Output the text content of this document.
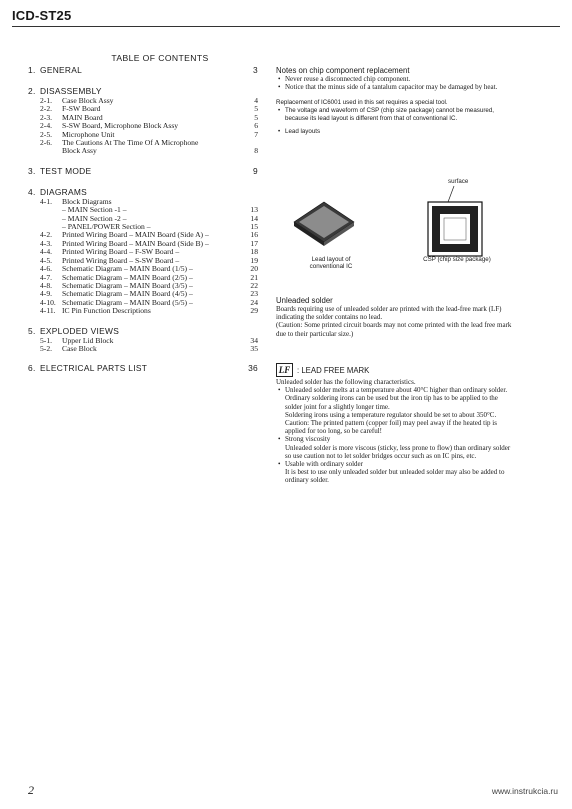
ICD-ST25
TABLE OF CONTENTS
1. GENERAL	3
2. DISASSEMBLY
2-1.	Case Block Assy	4
2-2.	F-SW Board	5
2-3.	MAIN Board	5
2-4.	S-SW Board, Microphone Block Assy	6
2-5.	Microphone Unit	7
2-6.	The Cautions At The Time Of A Microphone
Block Assy	8
3. TEST MODE	9
4. DIAGRAMS
4-1.	Block Diagrams
– MAIN Section -1 –	13
– MAIN Section -2 –	14
– PANEL/POWER Section –	15
4-2.	Printed Wiring Board – MAIN Board (Side A) –	16
4-3.	Printed Wiring Board – MAIN Board (Side B) –	17
4-4.	Printed Wiring Board – F-SW Board –	18
4-5.	Printed Wiring Board – S-SW Board –	19
4-6.	Schematic Diagram – MAIN Board (1/5) –	20
4-7.	Schematic Diagram – MAIN Board (2/5) –	21
4-8.	Schematic Diagram – MAIN Board (3/5) –	22
4-9.	Schematic Diagram – MAIN Board (4/5) –	23
4-10. Schematic Diagram – MAIN Board (5/5) –	24
4-11. IC Pin Function Descriptions	29
5. EXPLODED VIEWS
5-1.	Upper Lid Block	34
5-2.	Case Block	35
6. ELECTRICAL PARTS LIST	36
Notes on chip component replacement
• Never reuse a disconnected chip component.
• Notice that the minus side of a tantalum capacitor may be damaged by heat.
Replacement of IC6001 used in this set requires a special tool.
• The voltage and waveform of CSP (chip size package) cannot be measured, because its lead layout is different from that of conventional IC.
• Lead layouts
surface
Lead layout of conventional IC
CSP (chip size package)
Unleaded solder
Boards requiring use of unleaded solder are printed with the lead-free mark (LF) indicating the solder contains no lead.
(Caution: Some printed circuit boards may not come printed with the lead free mark due to their particular size.)
LF : LEAD FREE MARK
Unleaded solder has the following characteristics.
• Unleaded solder melts at a temperature about 40°C higher than ordinary solder.
Ordinary soldering irons can be used but the iron tip has to be applied to the solder joint for a slightly longer time.
Soldering irons using a temperature regulator should be set to about 350°C.
Caution: The printed pattern (copper foil) may peel away if the heated tip is applied for too long, so be careful!
• Strong viscosity
Unleaded solder is more viscous (sticky, less prone to flow) than ordinary solder so use caution not to let solder bridges occur such as on IC pins, etc.
• Usable with ordinary solder
It is best to use only unleaded solder but unleaded solder may also be added to ordinary solder.
2	www.instrukcia.ru
